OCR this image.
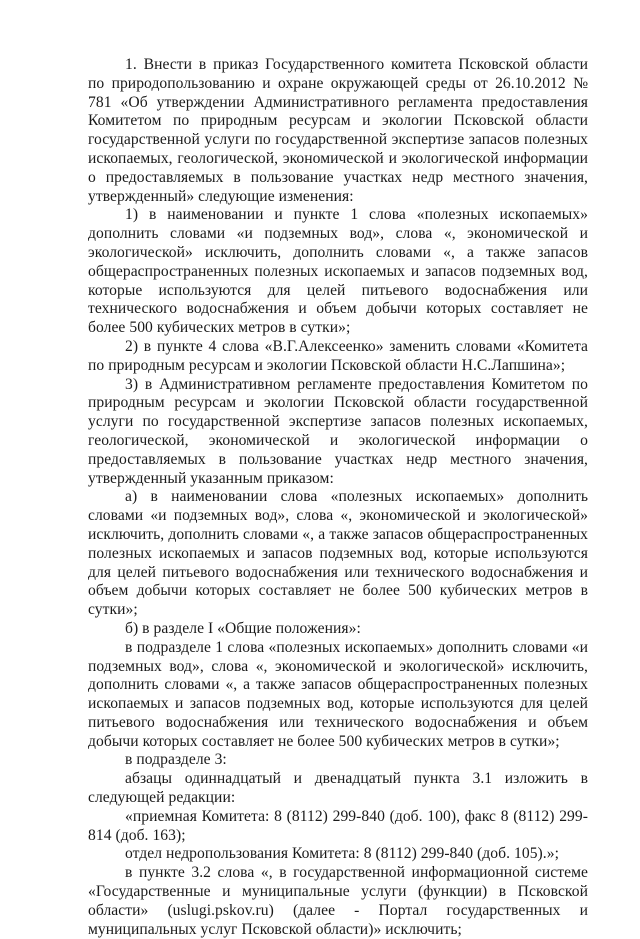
1. Внести в приказ Государственного комитета Псковской области по природопользованию и охране окружающей среды от 26.10.2012 № 781 «Об утверждении Административного регламента предоставления Комитетом по природным ресурсам и экологии Псковской области государственной услуги по государственной экспертизе запасов полезных ископаемых, геологической, экономической и экологической информации о предоставляемых в пользование участках недр местного значения, утвержденный» следующие изменения:

1) в наименовании и пункте 1 слова «полезных ископаемых» дополнить словами «и подземных вод», слова «, экономической и экологической» исключить, дополнить словами «, а также запасов общераспространенных полезных ископаемых и запасов подземных вод, которые используются для целей питьевого водоснабжения или технического водоснабжения и объем добычи которых составляет не более 500 кубических метров в сутки»;

2) в пункте 4 слова «В.Г.Алексеенко» заменить словами «Комитета по природным ресурсам и экологии Псковской области Н.С.Лапшина»;

3) в Административном регламенте предоставления Комитетом по природным ресурсам и экологии Псковской области государственной услуги по государственной экспертизе запасов полезных ископаемых, геологической, экономической и экологической информации о предоставляемых в пользование участках недр местного значения, утвержденный указанным приказом:

а) в наименовании слова «полезных ископаемых» дополнить словами «и подземных вод», слова «, экономической и экологической» исключить, дополнить словами «, а также запасов общераспространенных полезных ископаемых и запасов подземных вод, которые используются для целей питьевого водоснабжения или технического водоснабжения и объем добычи которых составляет не более 500 кубических метров в сутки»;

б) в разделе I «Общие положения»:

в подразделе 1 слова «полезных ископаемых» дополнить словами «и подземных вод», слова «, экономической и экологической» исключить, дополнить словами «, а также запасов общераспространенных полезных ископаемых и запасов подземных вод, которые используются для целей питьевого водоснабжения или технического водоснабжения и объем добычи которых составляет не более 500 кубических метров в сутки»;

в подразделе 3:

абзацы одиннадцатый и двенадцатый пункта 3.1 изложить в следующей редакции:

«приемная Комитета: 8 (8112) 299-840 (доб. 100), факс 8 (8112) 299-814 (доб. 163);

отдел недропользования Комитета: 8 (8112) 299-840 (доб. 105).»;

в пункте 3.2 слова «, в государственной информационной системе «Государственные и муниципальные услуги (функции) в Псковской области» (uslugi.pskov.ru) (далее - Портал государственных и муниципальных услуг Псковской области)» исключить;
